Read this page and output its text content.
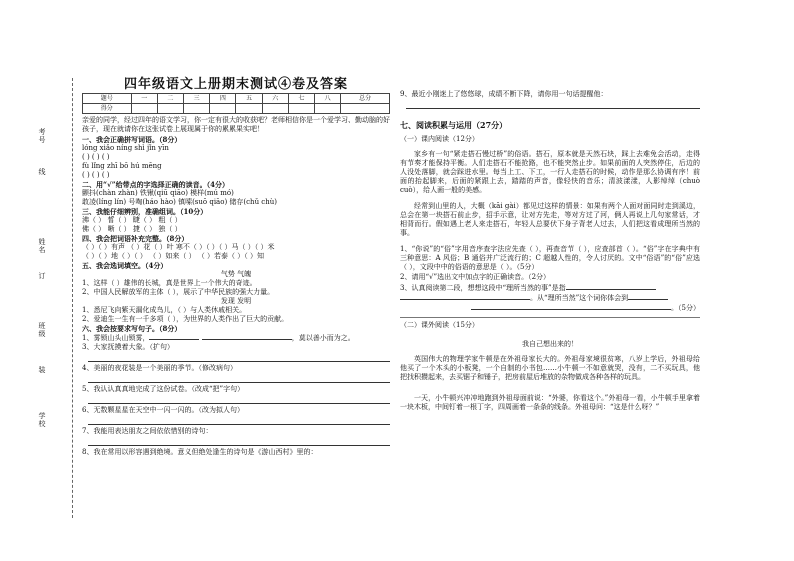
考号
线
姓名
订
班级
装
学校
四年级语文上册期末测试④卷及答案
题号	一	二	三	四	五	六	七	八	总分
得分									
亲爱的同学，经过四年的语文学习，你一定有很大的收获吧？老师相信你是一个爱学习、勤动脑的好孩子，现在就请你在这张试卷上展现属于你的累累果实吧！
一、我会正确拼写词语。（8分）
lóng xiǎo níng shì jǐn yīn
( ) ( ) ( )
fù lǐng zhī bō hú mēng
( ) ( ) ( )
二、用“√”给带点的字选择正确的读音。（4分）
颤抖(chàn zhàn) 铁锹(qiū qiāo) 模样(mú mó)
敢凌(líng lín) 号啕(háo hào) 镇嗦(suō qiāo) 储存(chǔ chù)
三、我能仔细辨别，准确组词。（10分）
沸（ ） 皙（ ） 睫（ ） 粗（ ）
佛（ ） 晰（ ） 捷（ ） 独（ ）
四、我会把词语补充完整。（8分）
（ ）（ ）有声 （ ）花（ ）叶 寒不（ ）（ ）（ ）马（ ）（ ）米
（ ）（ ）地（ ）（ ） （ ）如来（ ） （ ）若泰（ ）（ ）知
五、我会选词填空。（4分）
气势 气魄
1、这样（ ）雄伟的长城，真是世界上一个伟大的奇迹。
2、中国人民解放军的主体（ ），展示了中华民族的强大力量。
发现 发明
1、悉尼飞向紫天漏化成鸟儿，（ ）与人类休戚相关。
2、爱迪生一生有一千多项（ ），为世界的人类作出了巨大的贡献。
六、我会按要求写句子。（8分）
1、雾锁山头山锁雾，	，莫以善小而为之。
3、大家抚摸着大象。（扩句）
4、美丽的夜花装是一个美丽的季节。（修改病句）
5、我认认真真地完成了这份试卷。（改成“把”字句）
6、无数颗星星在天空中一闪一闪的。（改为拟人句）
7、我能用表达朋友之间依依惜别的诗句：
8、我在常用以形容遇到绝境。意义但绝处逢生的诗句是《游山西村》里的：
9、最近小刚迷上了悠悠球，成绩不断下降，请你用一句话提醒他：
七、阅读积累与运用（27分）
（一）课内阅读（12分）
家乡有一句“紧走搭石慢过桥”的俗语。搭石，原本就是天然石块，踩上去难免会活动，走得有节奏才能保持平衡。人们走搭石不能抢路，也不能突然止步。如果前面的人突然停住，后边的人没处落脚，就会踩进水里。每当上工、下工，一行人走搭石的时候，动作是那么协调有序！前面的抬起脚来，后面的紧跟上去，踏踏的声音，像轻快的音乐；清波漾漾，人影绰绰（chuò cuò），给人画一般的美感。
经常到山里的人，大概（kāi gài）都见过这样的情景：如果有两个人面对面同时走到溪边，总会在第一块搭石前止步，招手示意，让对方先走，等对方过了河，俩人再说上几句家常话，才相背而行。假如遇上老人来走搭石，年轻人总要伏下身子背老人过去，人们把这看成理所当然的事。
1、“你说”的“俗”字用音序查字法应先查（ ），再查音节（ ），应查部首（ ）。“俗”字在字典中有三种意思：A 风俗；B 通俗并广泛流行的；C 超越人性的，令人讨厌的。文中“俗语”的“俗”应选（ ），文段中中的俗语的意思是（ ）。（5分）
2、请用“√”选出文中加点字的正确读音。（2分）
3、认真阅读第二段，想想这段中“理所当然的事”是指
。从“理所当然”这个词你体会到
。（5分）
（二）课外阅读（15分）
我自己想出来的！
英国伟大的物理学家牛顿是在外祖母家长大的。外祖母家境很贫寒，八岁上学后，外祖母给他买了一个木头的小板凳，一个自制的小书包……小牛顿一不如意就哭，没有，二不买玩具，他把找积攒起来，去买锯子和锤子，把房前屋后堆放的杂物做成各种各样的玩具。
一天，小牛顿兴冲冲地跑到外祖母面前说：“外婆，你看这个。”外祖母一看，小牛顿手里拿着一块木板，中间钉着一根丁字，四周画着一条条的线条。外祖母问：“这是什么呀？”
